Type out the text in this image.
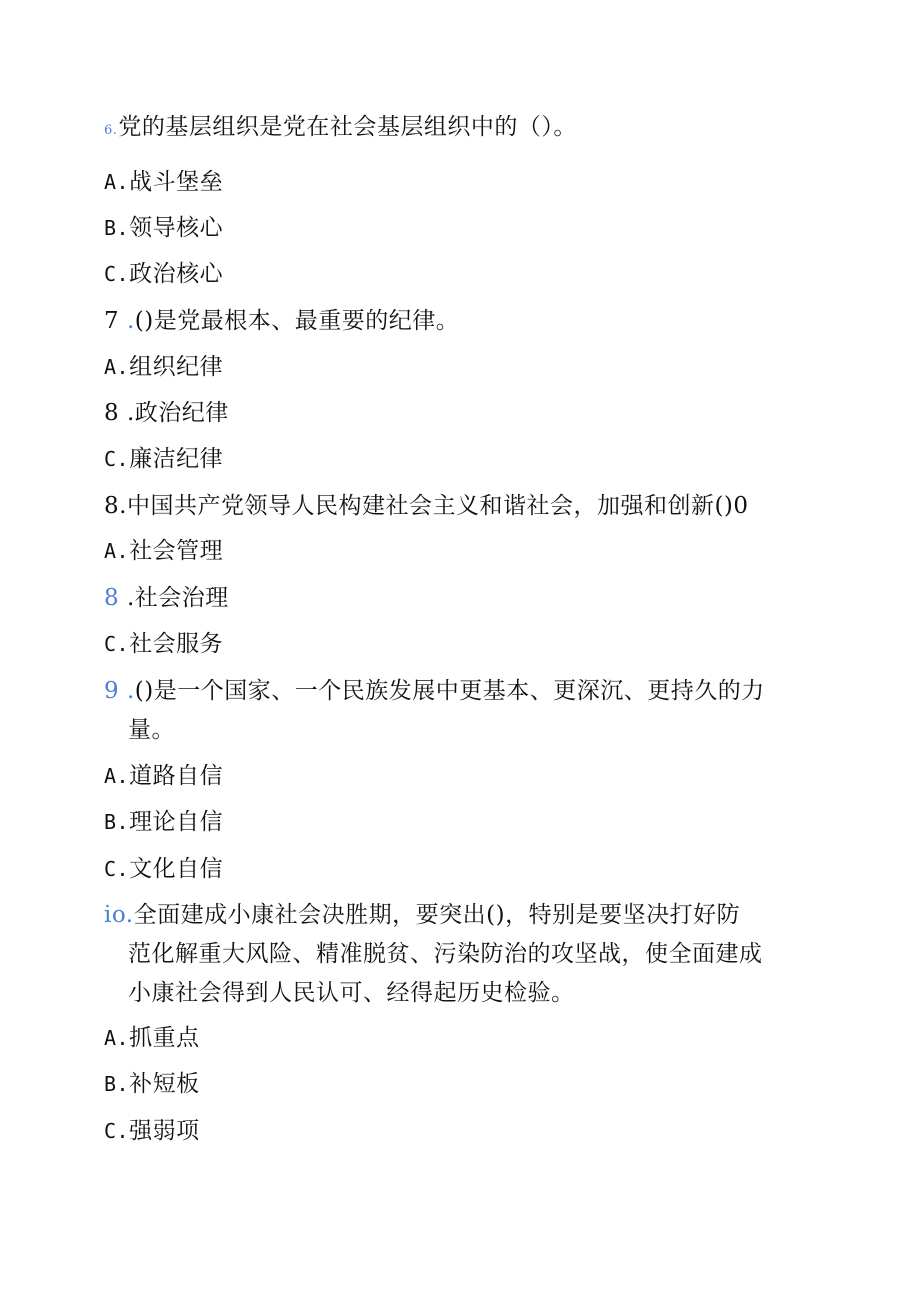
6.党的基层组织是党在社会基层组织中的（）。
A.战斗堡垒
B.领导核心
C.政治核心
7 .()是党最根本、最重要的纪律。
A.组织纪律
8 .政治纪律
C.廉洁纪律
8.中国共产党领导人民构建社会主义和谐社会，加强和创新()0
A.社会管理
8 .社会治理
C.社会服务
9 .()是一个国家、一个民族发展中更基本、更深沉、更持久的力
量。
A.道路自信
B.理论自信
C.文化自信
io.全面建成小康社会决胜期，要突出()，特别是要坚决打好防
范化解重大风险、精准脱贫、污染防治的攻坚战，使全面建成
小康社会得到人民认可、经得起历史检验。
A.抓重点
B.补短板
C.强弱项
